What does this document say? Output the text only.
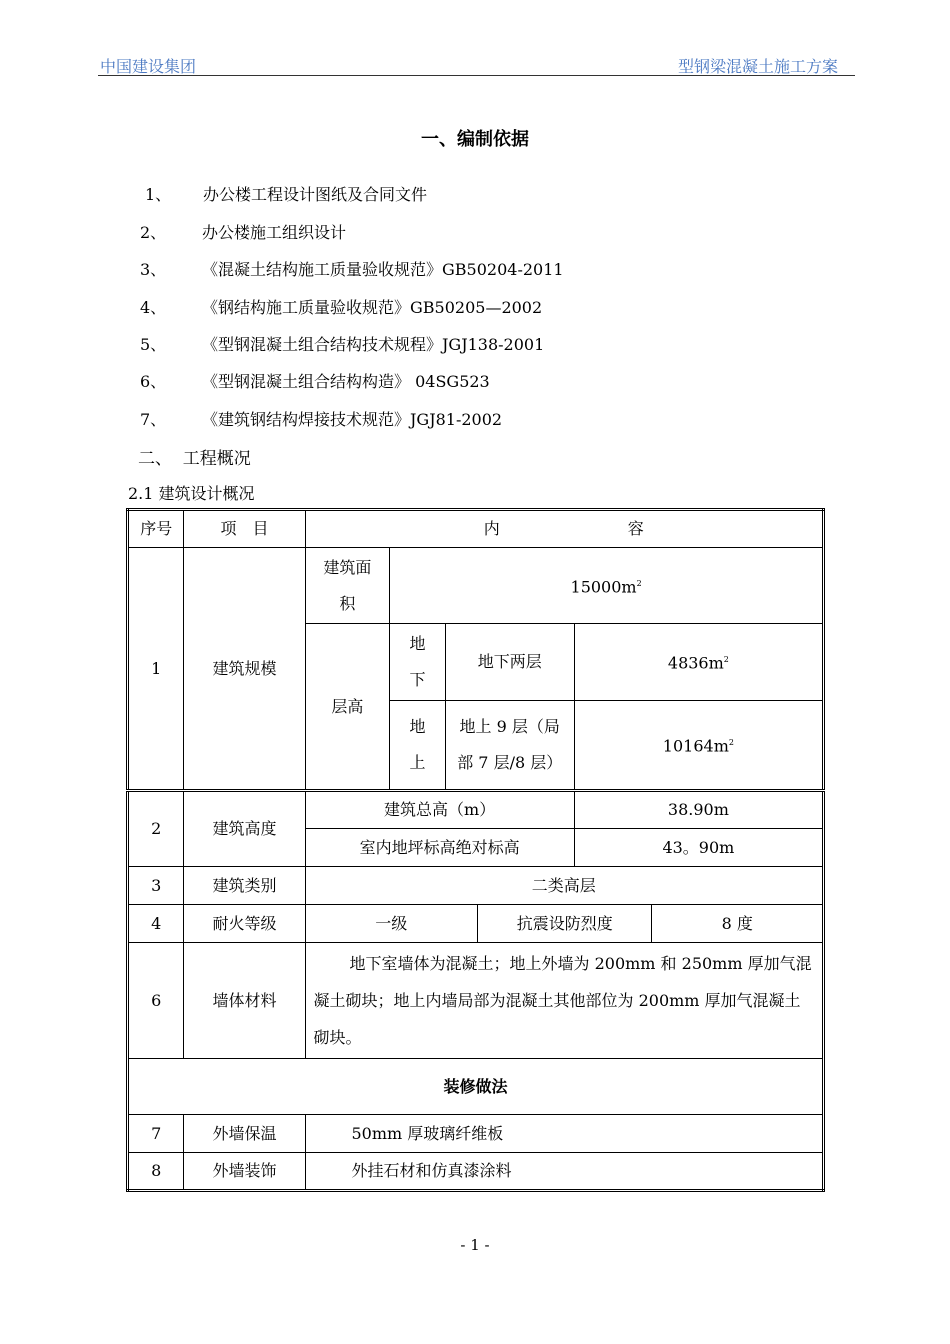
中国建设集团	型钢梁混凝土施工方案
一、编制依据
1、 办公楼工程设计图纸及合同文件
2、 办公楼施工组织设计
3、 《混凝土结构施工质量验收规范》GB50204-2011
4、 《钢结构施工质量验收规范》GB50205—2002
5、 《型钢混凝土组合结构技术规程》JGJ138-2001
6、 《型钢混凝土组合结构构造》 04SG523
7、 《建筑钢结构焊接技术规范》JGJ81-2002
二、  工程概况
2.1 建筑设计概况
序号	项　目	内　　　　　　　　容					
1	建筑规模	建筑面积	$15000m^2$
		层高	地下	地下两层		$4836m^2$
			地上	地上 9 层（局部 7 层/8 层）		$10164m^2$
2	建筑高度	建筑总高（m）				38.90m	
		室内地坪标高绝对标高				43。90m	
3	建筑类别	二类高层					
4	耐火等级	一级			抗震设防烈度		8 度
6	墙体材料	地下室墙体为混凝土；地上外墙为 200mm 和 250mm 厚加气混凝土砌块；地上内墙局部为混凝土其他部位为 200mm 厚加气混凝土砌块。					
装修做法							
7	外墙保温	50mm 厚玻璃纤维板					
8	外墙装饰	外挂石材和仿真漆涂料					
- 1 -
